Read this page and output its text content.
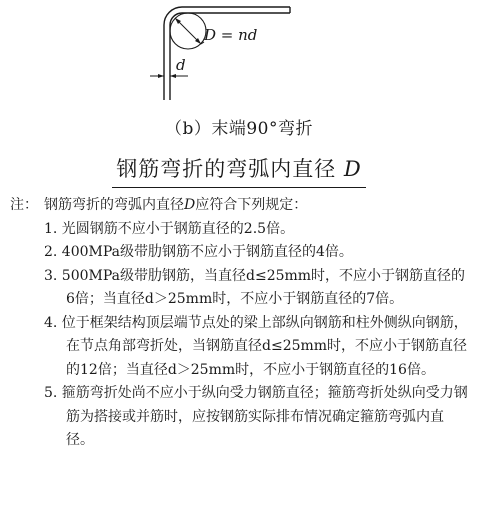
d
D = nd
（b）末端90°弯折
钢筋弯折的弯弧内直径 D
注： 钢筋弯折的弯弧内直径D应符合下列规定：
1. 光圆钢筋不应小于钢筋直径的2.5倍。
2. 400MPa级带肋钢筋不应小于钢筋直径的4倍。
3. 500MPa级带肋钢筋，当直径d≤25mm时，不应小于钢筋直径的6倍；当直径d＞25mm时，不应小于钢筋直径的7倍。
4. 位于框架结构顶层端节点处的梁上部纵向钢筋和柱外侧纵向钢筋，在节点角部弯折处，当钢筋直径d≤25mm时，不应小于钢筋直径的12倍；当直径d＞25mm时，不应小于钢筋直径的16倍。
5. 箍筋弯折处尚不应小于纵向受力钢筋直径；箍筋弯折处纵向受力钢筋为搭接或并筋时，应按钢筋实际排布情况确定箍筋弯弧内直径。
